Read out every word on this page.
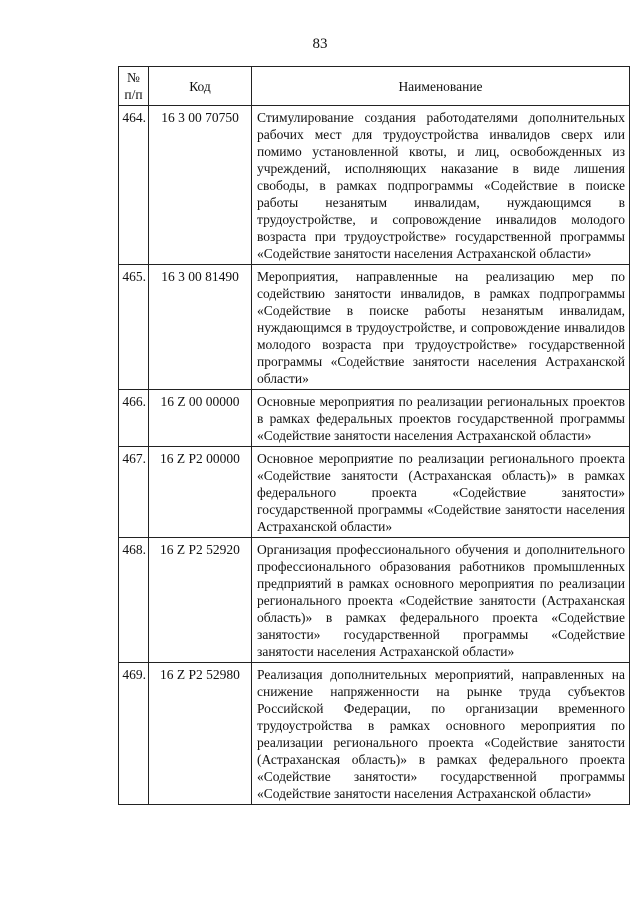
83
№ п/п	Код	Наименование
464.	16 3 00 70750	Стимулирование создания работодателями дополнительных рабочих мест для трудоустройства инвалидов сверх или помимо установленной квоты, и лиц, освобожденных из учреждений, исполняющих наказание в виде лишения свободы, в рамках подпрограммы «Содействие в поиске работы незанятым инвалидам, нуждающимся в трудоустройстве, и сопровождение инвалидов молодого возраста при трудоустройстве» государственной программы «Содействие занятости населения Астраханской области»
465.	16 3 00 81490	Мероприятия, направленные на реализацию мер по содействию занятости инвалидов, в рамках подпрограммы «Содействие в поиске работы незанятым инвалидам, нуждающимся в трудоустройстве, и сопровождение инвалидов молодого возраста при трудоустройстве» государственной программы «Содействие занятости населения Астраханской области»
466.	16 Z 00 00000	Основные мероприятия по реализации региональных проектов в рамках федеральных проектов государственной программы «Содействие занятости населения Астраханской области»
467.	16 Z P2 00000	Основное мероприятие по реализации регионального проекта «Содействие занятости (Астраханская область)» в рамках федерального проекта «Содействие занятости» государственной программы «Содействие занятости населения Астраханской области»
468.	16 Z P2 52920	Организация профессионального обучения и дополнительного профессионального образования работников промышленных предприятий в рамках основного мероприятия по реализации регионального проекта «Содействие занятости (Астраханская область)» в рамках федерального проекта «Содействие занятости» государственной программы «Содействие занятости населения Астраханской области»
469.	16 Z P2 52980	Реализация дополнительных мероприятий, направленных на снижение напряженности на рынке труда субъектов Российской Федерации, по организации временного трудоустройства в рамках основного мероприятия по реализации регионального проекта «Содействие занятости (Астраханская область)» в рамках федерального проекта «Содействие занятости» государственной программы «Содействие занятости населения Астраханской области»
